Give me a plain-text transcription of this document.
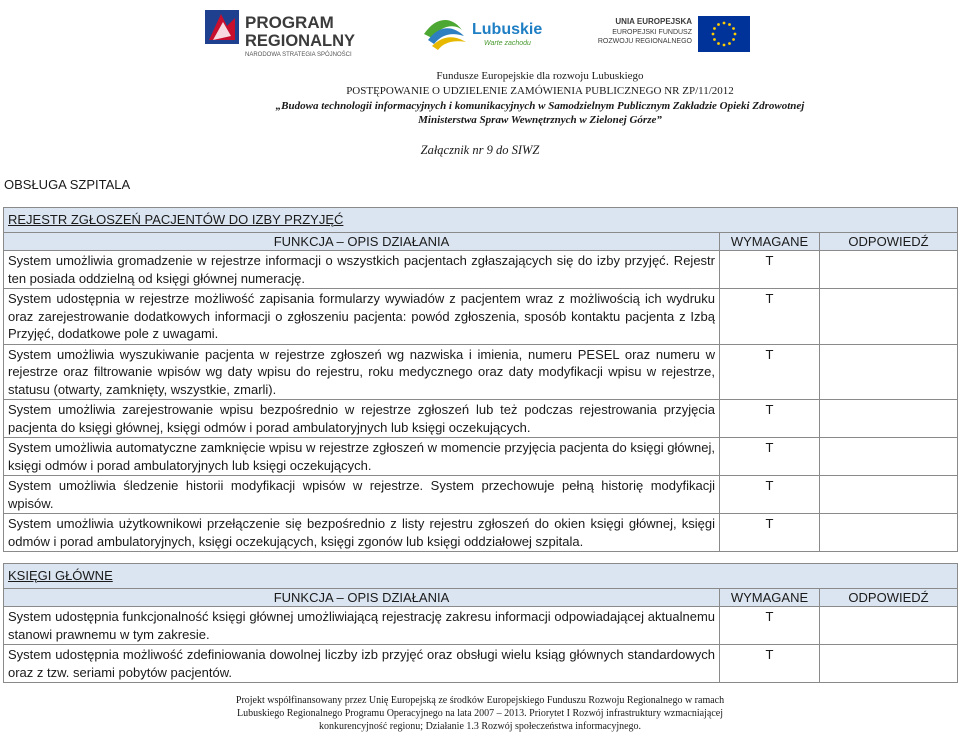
PROGRAM
REGIONALNY
NARODOWA STRATEGIA SPÓJNOŚCI
Lubuskie
Warte zachodu
UNIA EUROPEJSKA
EUROPEJSKI FUNDUSZ
ROZWOJU REGIONALNEGO
Fundusze Europejskie dla rozwoju Lubuskiego
POSTĘPOWANIE O UDZIELENIE ZAMÓWIENIA PUBLICZNEGO NR ZP/11/2012
„Budowa technologii informacyjnych i komunikacyjnych w Samodzielnym Publicznym Zakładzie Opieki Zdrowotnej
Ministerstwa Spraw Wewnętrznych w Zielonej Górze”
Załącznik nr 9 do SIWZ
OBSŁUGA SZPITALA
REJESTR ZGŁOSZEŃ PACJENTÓW DO IZBY PRZYJĘĆ		
FUNKCJA – OPIS DZIAŁANIA	WYMAGANE	ODPOWIEDŹ
System umożliwia gromadzenie w rejestrze informacji o wszystkich pacjentach zgłaszających się do izby przyjęć. Rejestr ten posiada oddzielną od księgi głównej numerację.	T	
System udostępnia w rejestrze możliwość zapisania formularzy wywiadów z pacjentem wraz z możliwością ich wydruku oraz zarejestrowanie dodatkowych informacji o zgłoszeniu pacjenta: powód zgłoszenia, sposób kontaktu pacjenta z Izbą Przyjęć, dodatkowe pole z uwagami.	T	
System umożliwia wyszukiwanie pacjenta w rejestrze zgłoszeń wg nazwiska i imienia, numeru PESEL oraz numeru w rejestrze oraz filtrowanie wpisów wg daty wpisu do rejestru, roku medycznego oraz daty modyfikacji wpisu w rejestrze, statusu (otwarty, zamknięty, wszystkie, zmarli).	T	
System umożliwia zarejestrowanie wpisu bezpośrednio w rejestrze zgłoszeń lub też podczas rejestrowania przyjęcia pacjenta do księgi głównej, księgi odmów i porad ambulatoryjnych lub księgi oczekujących.	T	
System umożliwia automatyczne zamknięcie wpisu w rejestrze zgłoszeń w momencie przyjęcia pacjenta do księgi głównej, księgi odmów i porad ambulatoryjnych lub księgi oczekujących.	T	
System umożliwia śledzenie historii modyfikacji wpisów w rejestrze. System przechowuje pełną historię modyfikacji wpisów.	T	
System umożliwia użytkownikowi przełączenie się bezpośrednio z listy rejestru zgłoszeń do okien księgi głównej, księgi odmów i porad ambulatoryjnych, księgi oczekujących, księgi zgonów lub księgi oddziałowej szpitala.	T	
KSIĘGI GŁÓWNE		
FUNKCJA – OPIS DZIAŁANIA	WYMAGANE	ODPOWIEDŹ
System udostępnia funkcjonalność księgi głównej umożliwiającą rejestrację zakresu informacji odpowiadającej aktualnemu stanowi prawnemu w tym zakresie.	T	
System udostępnia możliwość zdefiniowania dowolnej liczby izb przyjęć oraz obsługi wielu ksiąg głównych standardowych oraz z tzw. seriami pobytów pacjentów.	T	
Projekt współfinansowany przez Unię Europejską ze środków Europejskiego Funduszu Rozwoju Regionalnego w ramach
Lubuskiego Regionalnego Programu Operacyjnego na lata 2007 – 2013. Priorytet I Rozwój infrastruktury wzmacniającej
konkurencyjność regionu; Działanie 1.3 Rozwój społeczeństwa informacyjnego.
